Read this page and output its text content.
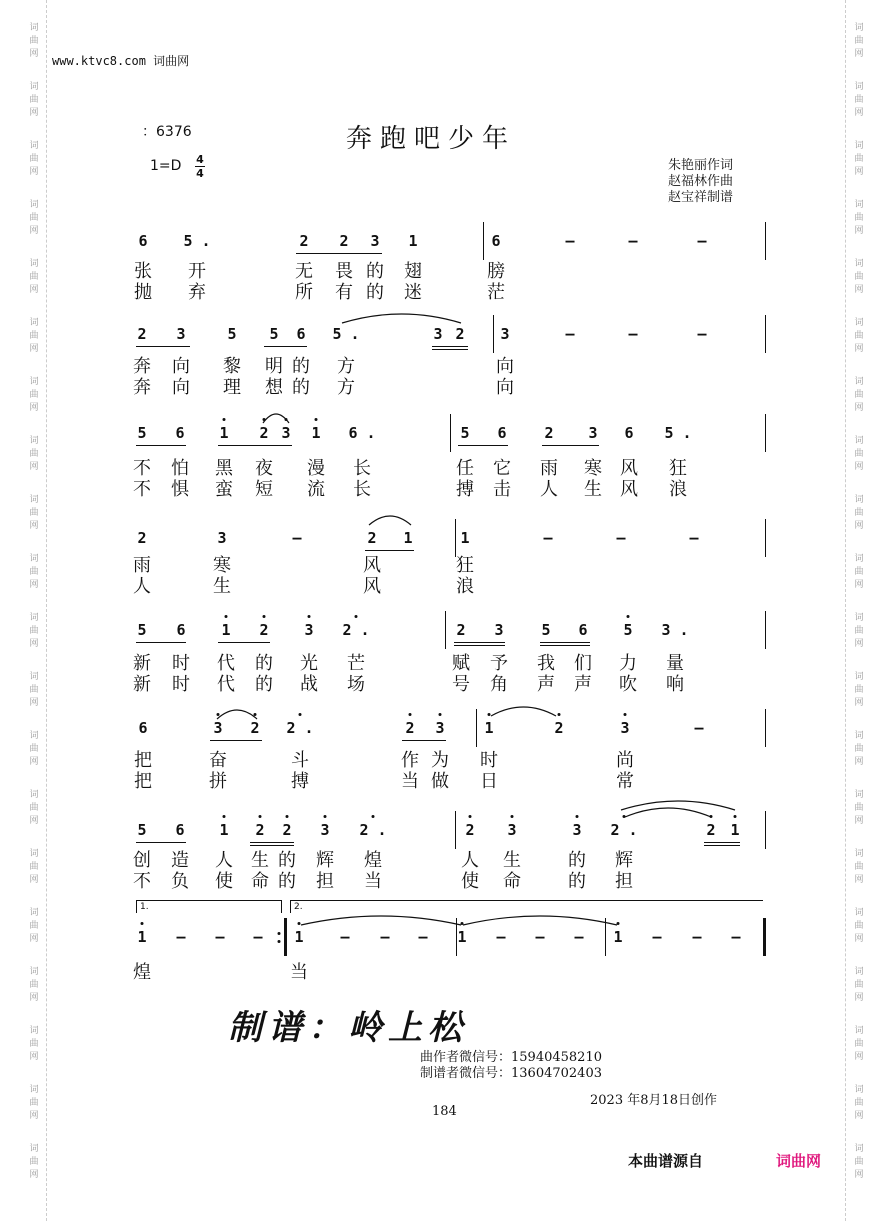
词
曲
网
词
曲
网
词
曲
网
词
曲
网
词
曲
网
词
曲
网
词
曲
网
词
曲
网
词
曲
网
词
曲
网
词
曲
网
词
曲
网
词
曲
网
词
曲
网
词
曲
网
词
曲
网
词
曲
网
词
曲
网
词
曲
网
词
曲
网
词
曲
网
词
曲
网
词
曲
网
词
曲
网
词
曲
网
词
曲
网
词
曲
网
词
曲
网
词
曲
网
词
曲
网
词
曲
网
词
曲
网
词
曲
网
词
曲
网
词
曲
网
词
曲
网
词
曲
网
词
曲
网
词
曲
网
词
曲
网
www.ktvc8.com 词曲网
：6376	奔跑吧少年
1=D 4
4
朱艳丽作词
赵福林作曲
赵宝祥制谱
6 5 .	2 2 3 1	6	–	–	–
张 开	无 畏 的 翅	膀
抛 弃	所 有 的 迷	茫
2 3	5 5 6 5 .	3 2 3	–	–	–
奔 向 黎 明 的 方	向
奔 向 理 想 的 方	向
5 6 1 2 3 1 6 .	5 6	2 3 6 5 .
不 怕 黑 夜 漫 长	任 它 雨 寒 风 狂
不 惧 蛮 短 流 长	搏 击 人 生 风 浪
2	3	–	2 1	1	–	–	–
雨	寒	风	狂
人	生	风	浪
5 6 1 2 3 2 .	2 3	5 6 5 3 .
新 时 代 的 光 芒	赋 予 我 们 力 量
新 时 代 的 战 场	号 角 声 声 吹 响
6	3 2 2 .	2 3	1	2	3	–
把	奋	斗	作 为 时	尚
把	拼	搏	当 做 日	常
5 6 1 2 2 3 2 .	2 3	3 2 .	2 1
创 造 人 生 的 辉 煌	人 生	的 辉
不 负 使 命 的 担 当	使 命	的 担
1 – – – 1 – – – 1 – – – 1 – – –
煌	当
1.	2.
制谱：岭上松
曲作者微信号：15940458210
制谱者微信号：13604702403
2023 年8月18日创作
184
本曲谱源自	词曲网
